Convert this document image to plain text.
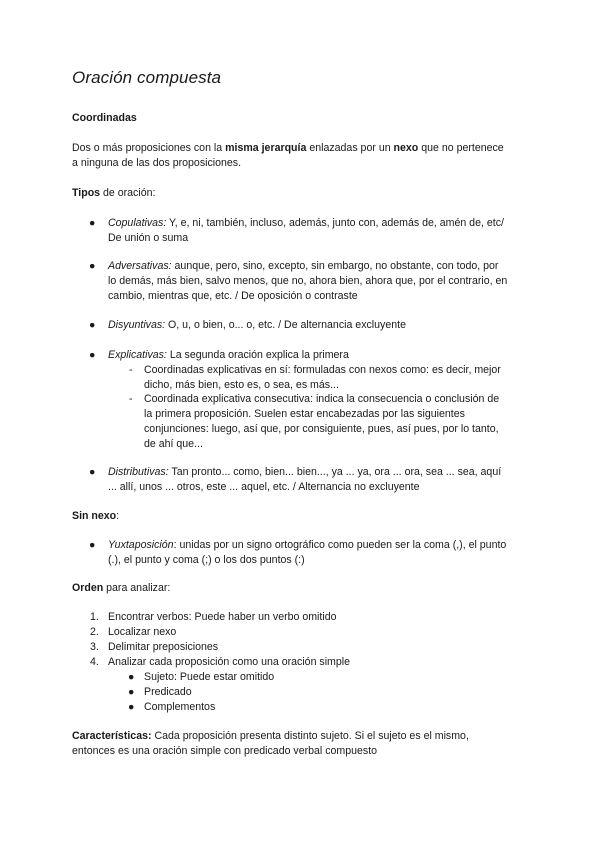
Oración compuesta
Coordinadas
Dos o más proposiciones con la misma jerarquía enlazadas por un nexo que no pertenece
a ninguna de las dos proposiciones.
Tipos de oración:
● Copulativas: Y, e, ni, también, incluso, además, junto con, además de, amén de, etc/
De unión o suma
● Adversativas: aunque, pero, sino, excepto, sin embargo, no obstante, con todo, por
lo demás, más bien, salvo menos, que no, ahora bien, ahora que, por el contrario, en
cambio, mientras que, etc. / De oposición o contraste
● Disyuntivas: O, u, o bien, o... o, etc. / De alternancia excluyente
● Explicativas: La segunda oración explica la primera
- Coordinadas explicativas en sí: formuladas con nexos como: es decir, mejor
dicho, más bien, esto es, o sea, es más...
- Coordinada explicativa consecutiva: indica la consecuencia o conclusión de
la primera proposición. Suelen estar encabezadas por las siguientes
conjunciones: luego, así que, por consiguiente, pues, así pues, por lo tanto,
de ahí que...
● Distributivas: Tan pronto... como, bien... bien..., ya ... ya, ora ... ora, sea ... sea, aquí
... allí, unos ... otros, este ... aquel, etc. / Alternancia no excluyente
Sin nexo:
● Yuxtaposición: unidas por un signo ortográfico como pueden ser la coma (,), el punto
(.), el punto y coma (;) o los dos puntos (:)
Orden para analizar:
1. Encontrar verbos: Puede haber un verbo omitido
2. Localizar nexo
3. Delimitar preposiciones
4. Analizar cada proposición como una oración simple
● Sujeto: Puede estar omitido
● Predicado
● Complementos
Características: Cada proposición presenta distinto sujeto. Si el sujeto es el mismo,
entonces es una oración simple con predicado verbal compuesto
